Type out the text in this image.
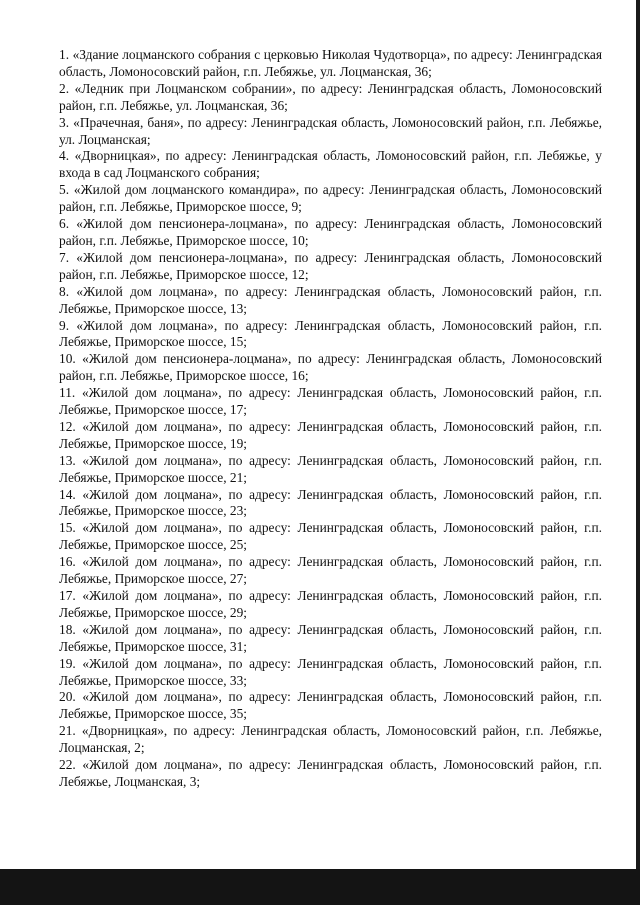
1. «Здание лоцманского собрания с церковью Николая Чудотворца», по адресу: Ленинградская область, Ломоносовский район, г.п. Лебяжье, ул. Лоцманская, 36;

2. «Ледник при Лоцманском собрании», по адресу: Ленинградская область, Ломоносовский район, г.п. Лебяжье, ул. Лоцманская, 36;

3. «Прачечная, баня», по адресу: Ленинградская область, Ломоносовский район, г.п. Лебяжье, ул. Лоцманская;

4. «Дворницкая», по адресу: Ленинградская область, Ломоносовский район, г.п. Лебяжье, у входа в сад Лоцманского собрания;

5. «Жилой дом лоцманского командира», по адресу: Ленинградская область, Ломоносовский район, г.п. Лебяжье, Приморское шоссе, 9;

6. «Жилой дом пенсионера-лоцмана», по адресу: Ленинградская область, Ломоносовский район, г.п. Лебяжье, Приморское шоссе, 10;

7. «Жилой дом пенсионера-лоцмана», по адресу: Ленинградская область, Ломоносовский район, г.п. Лебяжье, Приморское шоссе, 12;

8. «Жилой дом лоцмана», по адресу: Ленинградская область, Ломоносовский район, г.п. Лебяжье, Приморское шоссе, 13;

9. «Жилой дом лоцмана», по адресу: Ленинградская область, Ломоносовский район, г.п. Лебяжье, Приморское шоссе, 15;

10. «Жилой дом пенсионера-лоцмана», по адресу: Ленинградская область, Ломоносовский район, г.п. Лебяжье, Приморское шоссе, 16;

11. «Жилой дом лоцмана», по адресу: Ленинградская область, Ломоносовский район, г.п. Лебяжье, Приморское шоссе, 17;

12. «Жилой дом лоцмана», по адресу: Ленинградская область, Ломоносовский район, г.п. Лебяжье, Приморское шоссе, 19;

13. «Жилой дом лоцмана», по адресу: Ленинградская область, Ломоносовский район, г.п. Лебяжье, Приморское шоссе, 21;

14. «Жилой дом лоцмана», по адресу: Ленинградская область, Ломоносовский район, г.п. Лебяжье, Приморское шоссе, 23;

15. «Жилой дом лоцмана», по адресу: Ленинградская область, Ломоносовский район, г.п. Лебяжье, Приморское шоссе, 25;

16. «Жилой дом лоцмана», по адресу: Ленинградская область, Ломоносовский район, г.п. Лебяжье, Приморское шоссе, 27;

17. «Жилой дом лоцмана», по адресу: Ленинградская область, Ломоносовский район, г.п. Лебяжье, Приморское шоссе, 29;

18. «Жилой дом лоцмана», по адресу: Ленинградская область, Ломоносовский район, г.п. Лебяжье, Приморское шоссе, 31;

19. «Жилой дом лоцмана», по адресу: Ленинградская область, Ломоносовский район, г.п. Лебяжье, Приморское шоссе, 33;

20. «Жилой дом лоцмана», по адресу: Ленинградская область, Ломоносовский район, г.п. Лебяжье, Приморское шоссе, 35;

21. «Дворницкая», по адресу: Ленинградская область, Ломоносовский район, г.п. Лебяжье, Лоцманская, 2;

22. «Жилой дом лоцмана», по адресу: Ленинградская область, Ломоносовский район, г.п. Лебяжье, Лоцманская, 3;
